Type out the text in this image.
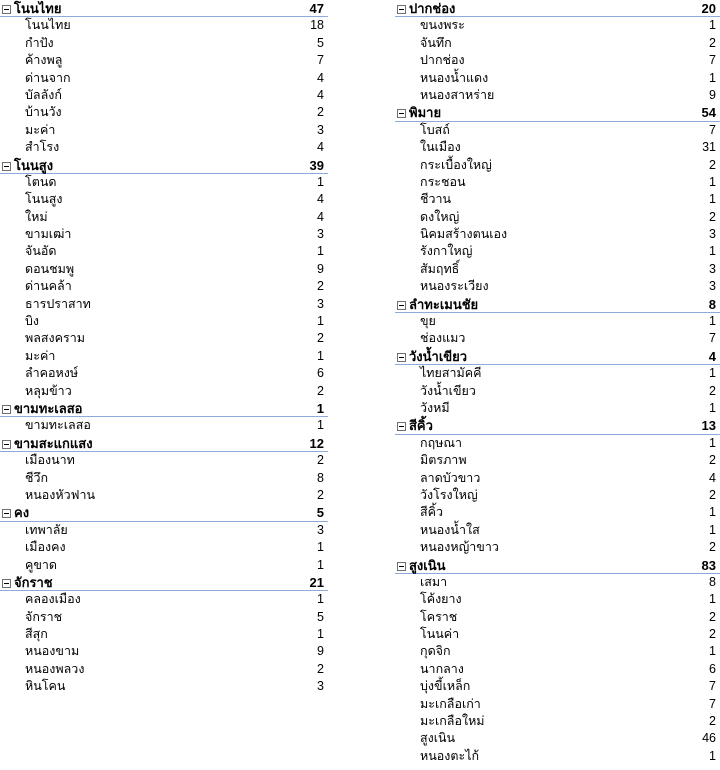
โนนไทย	47
โนนไทย	18
กำปัง	5
ค้างพลู	7
ด่านจาก	4
บัลลังก์	4
บ้านวัง	2
มะค่า	3
สำโรง	4
โนนสูง	39
โตนด	1
โนนสูง	4
ใหม่	4
ขามเฒ่า	3
จันอัด	1
ดอนชมพู	9
ด่านคล้า	2
ธารปราสาท	3
บิง	1
พลสงคราม	2
มะค่า	1
ลำคอหงษ์	6
หลุมข้าว	2
ขามทะเลสอ	1
ขามทะเลสอ	1
ขามสะแกแสง	12
เมืองนาท	2
ชีวึก	8
หนองหัวฟาน	2
คง	5
เทพาลัย	3
เมืองคง	1
คูขาด	1
จักราช	21
คลองเมือง	1
จักราช	5
สีสุก	1
หนองขาม	9
หนองพลวง	2
หินโคน	3
ปากช่อง	20
ขนงพระ	1
จันทึก	2
ปากช่อง	7
หนองน้ำแดง	1
หนองสาหร่าย	9
พิมาย	54
โบสถ์	7
ในเมือง	31
กระเบื้องใหญ่	2
กระชอน	1
ชีวาน	1
ดงใหญ่	2
นิคมสร้างตนเอง	3
รังกาใหญ่	1
สัมฤทธิ์	3
หนองระเวียง	3
ลำทะเมนชัย	8
ขุย	1
ช่องแมว	7
วังน้ำเขียว	4
ไทยสามัคคี	1
วังน้ำเขียว	2
วังหมี	1
สีคิ้ว	13
กฤษณา	1
มิตรภาพ	2
ลาดบัวขาว	4
วังโรงใหญ่	2
สีคิ้ว	1
หนองน้ำใส	1
หนองหญ้าขาว	2
สูงเนิน	83
เสมา	8
โค้งยาง	1
โคราช	2
โนนค่า	2
กุดจิก	1
นากลาง	6
บุ่งขี้เหล็ก	7
มะเกลือเก่า	7
มะเกลือใหม่	2
สูงเนิน	46
หนองตะไก้	1
